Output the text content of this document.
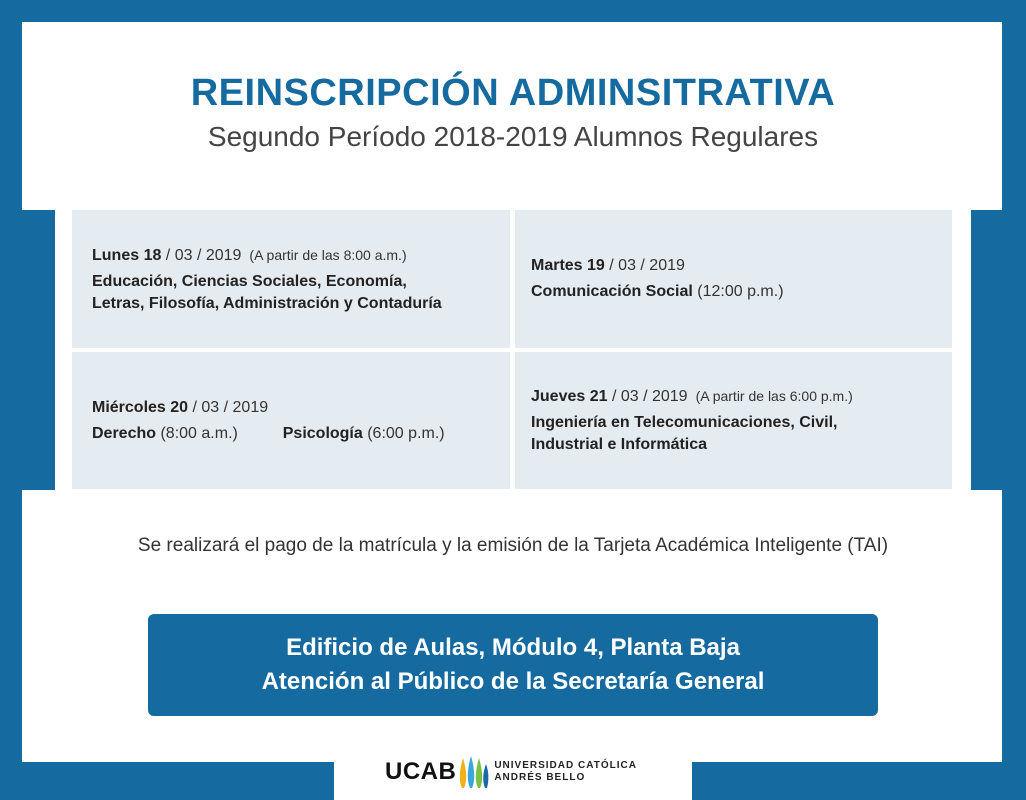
REINSCRIPCIÓN ADMINSITRATIVA
Segundo Período 2018-2019 Alumnos Regulares
Lunes 18 / 03 / 2019 (A partir de las 8:00 a.m.)
Educación, Ciencias Sociales, Economía,
Letras, Filosofía, Administración y Contaduría
Martes 19 / 03 / 2019
Comunicación Social (12:00 p.m.)
Miércoles 20 / 03 / 2019
Derecho (8:00 a.m.)	Psicología (6:00 p.m.)
Jueves 21 / 03 / 2019 (A partir de las 6:00 p.m.)
Ingeniería en Telecomunicaciones, Civil,
Industrial e Informática
Se realizará el pago de la matrícula y la emisión de la Tarjeta Académica Inteligente (TAI)
Edificio de Aulas, Módulo 4, Planta Baja
Atención al Público de la Secretaría General
UCAB	UNIVERSIDAD CATÓLICA
ANDRÉS BELLO
